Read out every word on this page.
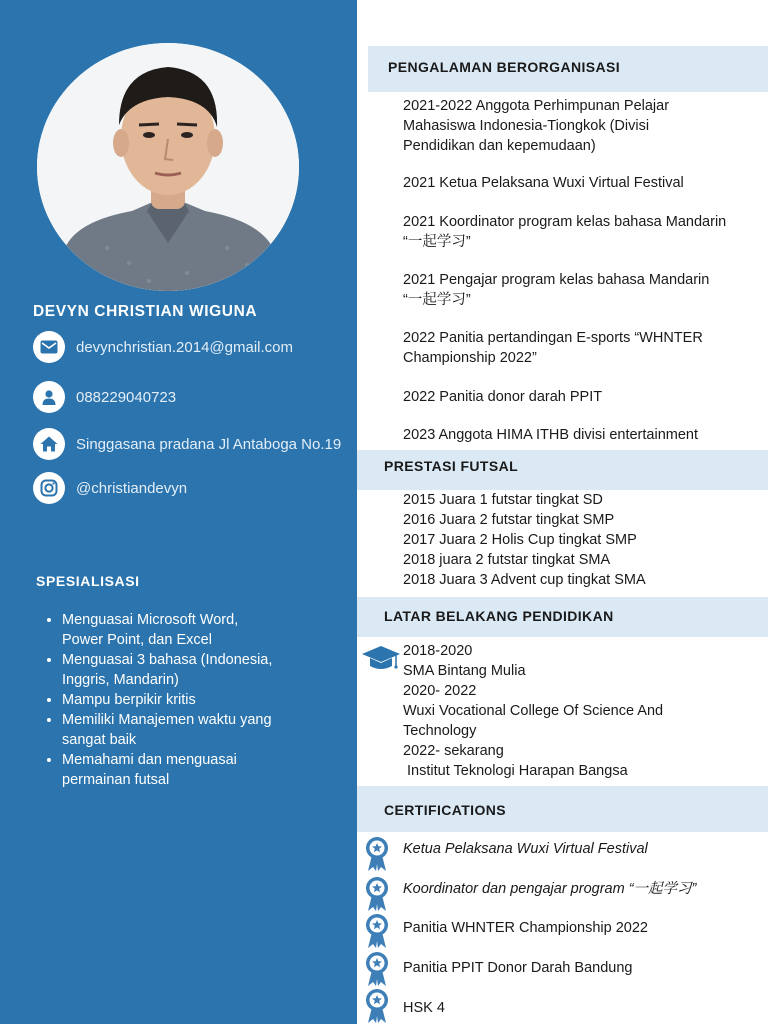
DEVYN CHRISTIAN WIGUNA
devynchristian.2014@gmail.com
088229040723
Singgasana pradana Jl Antaboga No.19
@christiandevyn
SPESIALISASI
• Menguasai Microsoft Word,
Power Point, dan Excel
• Menguasai 3 bahasa (Indonesia,
Inggris, Mandarin)
• Mampu berpikir kritis
• Memiliki Manajemen waktu yang
sangat baik
• Memahami dan menguasai
permainan futsal
PENGALAMAN BERORGANISASI
2021-2022 Anggota Perhimpunan Pelajar
Mahasiswa Indonesia-Tiongkok (Divisi
Pendidikan dan kepemudaan)
2021 Ketua Pelaksana Wuxi Virtual Festival
2021 Koordinator program kelas bahasa Mandarin
“一起学习”
2021 Pengajar program kelas bahasa Mandarin
“一起学习”
2022 Panitia pertandingan E-sports “WHNTER
Championship 2022”
2022 Panitia donor darah PPIT
2023 Anggota HIMA ITHB divisi entertainment
PRESTASI FUTSAL
2015 Juara 1 futstar tingkat SD
2016 Juara 2 futstar tingkat SMP
2017 Juara 2 Holis Cup tingkat SMP
2018 juara 2 futstar tingkat SMA
2018 Juara 3 Advent cup tingkat SMA
LATAR BELAKANG PENDIDIKAN
2018-2020
SMA Bintang Mulia
2020- 2022
Wuxi Vocational College Of Science And
Technology
2022- sekarang
Institut Teknologi Harapan Bangsa
CERTIFICATIONS
Ketua Pelaksana Wuxi Virtual Festival
Koordinator dan pengajar program “一起学习”
Panitia WHNTER Championship 2022
Panitia PPIT Donor Darah Bandung
HSK 4
